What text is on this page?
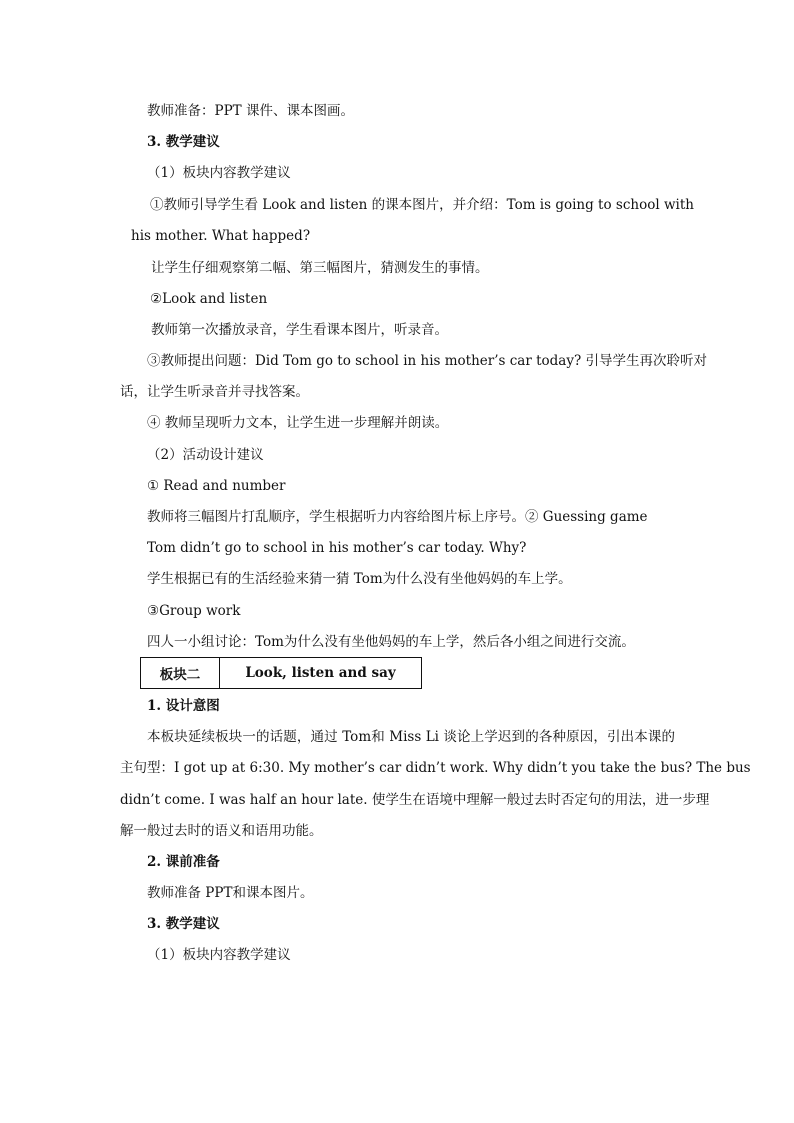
教师准备：PPT 课件、课本图画。
3. 教学建议
（1）板块内容教学建议
①教师引导学生看 Look and listen 的课本图片，并介绍：Tom is going to school with
his mother. What happed?
让学生仔细观察第二幅、第三幅图片，猜测发生的事情。
②Look and listen
教师第一次播放录音，学生看课本图片，听录音。
③教师提出问题：Did Tom go to school in his mother’s car today? 引导学生再次聆听对
话，让学生听录音并寻找答案。
④ 教师呈现听力文本，让学生进一步理解并朗读。
（2）活动设计建议
① Read and number
教师将三幅图片打乱顺序，学生根据听力内容给图片标上序号。② Guessing game
Tom didn’t go to school in his mother’s car today. Why?
学生根据已有的生活经验来猜一猜 Tom为什么没有坐他妈妈的车上学。
③Group work
四人一小组讨论：Tom为什么没有坐他妈妈的车上学，然后各小组之间进行交流。
板块二	Look, listen and say
1. 设计意图
本板块延续板块一的话题，通过 Tom和 Miss Li 谈论上学迟到的各种原因，引出本课的
主句型：I got up at 6:30. My mother’s car didn’t work. Why didn’t you take the bus? The bus
didn’t come. I was half an hour late. 使学生在语境中理解一般过去时否定句的用法，进一步理
解一般过去时的语义和语用功能。
2. 课前准备
教师准备 PPT和课本图片。
3. 教学建议
（1）板块内容教学建议
